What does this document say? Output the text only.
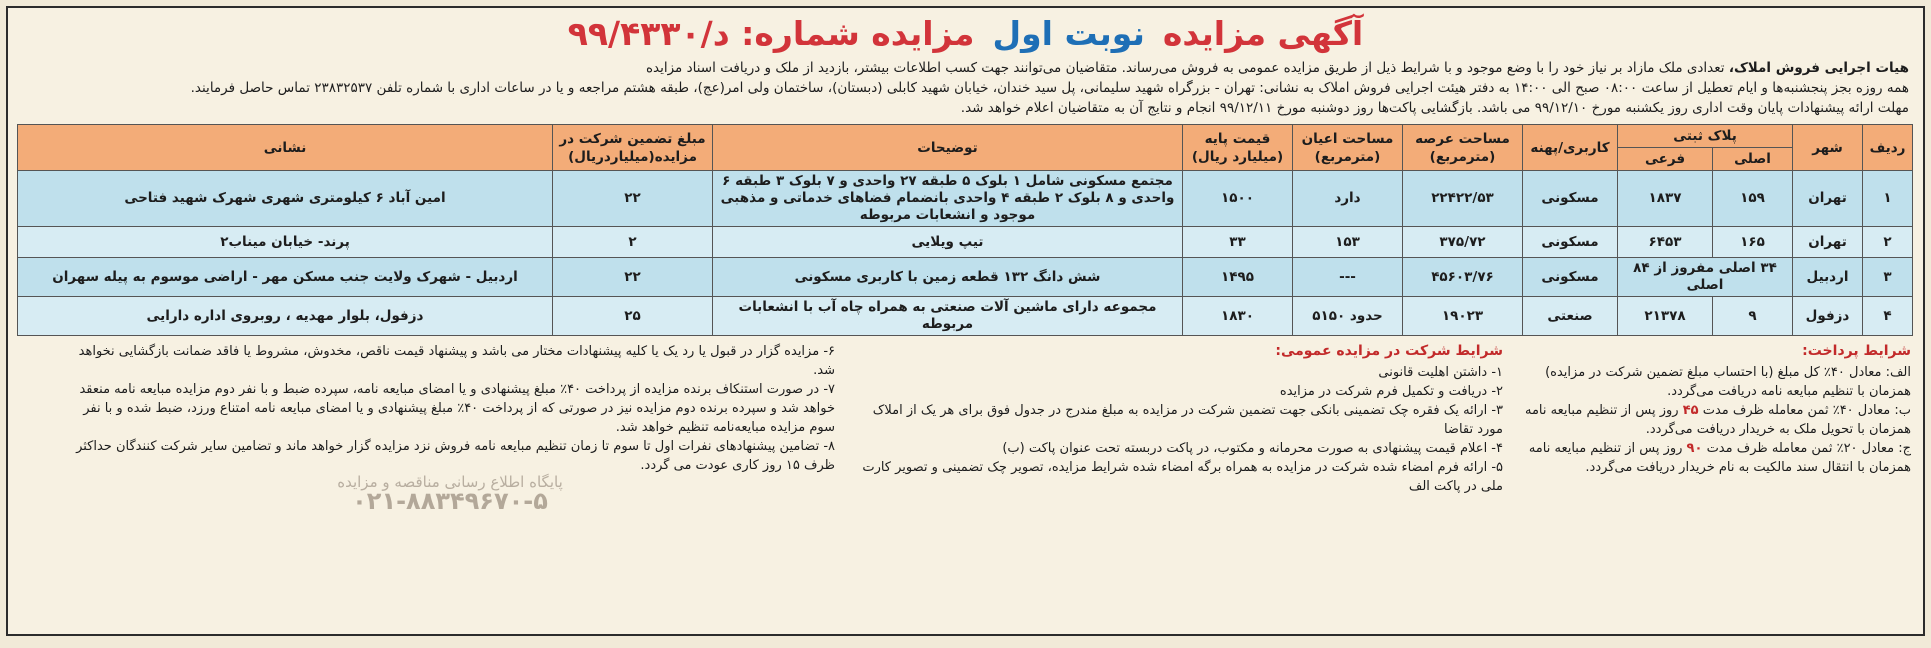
آگهی مزایده
نوبت اول
مزایده شماره: د/۹۹/۴۳۳۰
هیات اجرایی فروش املاک، تعدادی ملک مازاد بر نیاز خود را با وضع موجود و با شرایط ذیل از طریق مزایده عمومی به فروش می‌رساند. متقاضیان می‌توانند جهت کسب اطلاعات بیشتر، بازدید از ملک و دریافت اسناد مزایده
همه روزه بجز پنجشنبه‌ها و ایام تعطیل از ساعت ۰۸:۰۰ صبح الی ۱۴:۰۰ به دفتر هیئت اجرایی فروش املاک به نشانی: تهران - بزرگراه شهید سلیمانی، پل سید خندان، خیابان شهید کابلی (دبستان)، ساختمان ولی امر(عج)، طبقه هشتم مراجعه و یا در ساعات اداری با شماره تلفن ۲۳۸۳۲۵۳۷ تماس حاصل فرمایند.
مهلت ارائه پیشنهادات پایان وقت اداری روز یکشنبه مورخ ۹۹/۱۲/۱۰ می باشد. بازگشایی پاکت‌ها روز دوشنبه مورخ ۹۹/۱۲/۱۱ انجام و نتایج آن به متقاضیان اعلام خواهد شد.
ردیف	شهر	پلاک ثبتی		کاربری/پهنه	مساحت عرصه (مترمربع)	مساحت اعیان (مترمربع)	قیمت پایه (میلیارد ریال)	توضیحات	مبلغ تضمین شرکت در مزایده(میلیاردریال)	نشانی
		اصلی	فرعی							
۱	تهران	۱۵۹	۱۸۳۷	مسکونی	۲۲۴۲۲/۵۳	دارد	۱۵۰۰	مجتمع مسکونی شامل ۱ بلوک ۵ طبقه ۲۷ واحدی و ۷ بلوک ۳ طبقه ۶ واحدی و ۸ بلوک ۲ طبقه ۴ واحدی بانضمام فضاهای خدماتی و مذهبی موجود و انشعابات مربوطه	۲۲	امین آباد ۶ کیلومتری شهری شهرک شهید فتاحی
۲	تهران	۱۶۵	۶۴۵۳	مسکونی	۳۷۵/۷۲	۱۵۳	۳۳	تیپ ویلایی	۲	پرند- خیابان میناب۲
۳	اردبیل	۳۴ اصلی مفروز از ۸۴ اصلی		مسکونی	۴۵۶۰۳/۷۶	---	۱۴۹۵	شش دانگ ۱۳۲ قطعه زمین با کاربری مسکونی	۲۲	اردبیل - شهرک ولایت جنب مسکن مهر - اراضی موسوم به پیله سهران
۴	دزفول	۹	۲۱۳۷۸	صنعتی	۱۹۰۲۳	حدود ۵۱۵۰	۱۸۳۰	مجموعه دارای ماشین آلات صنعتی به همراه چاه آب با انشعابات مربوطه	۲۵	دزفول، بلوار مهدیه ، روبروی اداره دارایی
شرایط پرداخت:

الف: معادل ۴۰٪ کل مبلغ (با احتساب مبلغ تضمین شرکت در مزایده) همزمان با تنظیم مبایعه نامه دریافت می‌گردد.

ب: معادل ۴۰٪ ثمن معامله ظرف مدت ۴۵ روز پس از تنظیم مبایعه نامه همزمان با تحویل ملک به خریدار دریافت می‌گردد.

ج: معادل ۲۰٪ ثمن معامله ظرف مدت ۹۰ روز پس از تنظیم مبایعه نامه همزمان با انتقال سند مالکیت به نام خریدار دریافت می‌گردد.

شرایط شرکت در مزایده عمومی:

۱- داشتن اهلیت قانونی

۲- دریافت و تکمیل فرم شرکت در مزایده

۳- ارائه یک فقره چک تضمینی بانکی جهت تضمین شرکت در مزایده به مبلغ مندرج در جدول فوق برای هر یک از املاک مورد تقاضا

۴- اعلام قیمت پیشنهادی به صورت محرمانه و مکتوب، در پاکت دربسته تحت عنوان پاکت (ب)

۵- ارائه فرم امضاء شده شرکت در مزایده به همراه برگه امضاء شده شرایط مزایده، تصویر چک تضمینی و تصویر کارت ملی در پاکت الف

۶- مزایده گزار در قبول یا رد یک یا کلیه پیشنهادات مختار می باشد و پیشنهاد قیمت ناقص، مخدوش، مشروط یا فاقد ضمانت بازگشایی نخواهد شد.

۷- در صورت استنکاف برنده مزایده از پرداخت ۴۰٪ مبلغ پیشنهادی و یا امضای مبایعه نامه، سپرده ضبط و با نفر دوم مزایده مبایعه نامه منعقد خواهد شد و سپرده برنده دوم مزایده نیز در صورتی که از پرداخت ۴۰٪ مبلغ پیشنهادی و یا امضای مبایعه نامه امتناع ورزد، ضبط شده و با نفر سوم مزایده مبایعه‌نامه تنظیم خواهد شد.

۸- تضامین پیشنهادهای نفرات اول تا سوم تا زمان تنظیم مبایعه نامه فروش نزد مزایده گزار خواهد ماند و تضامین سایر شرکت کنندگان حداکثر ظرف ۱۵ روز کاری عودت می گردد.

پایگاه اطلاع رسانی مناقصه و مزایده
۰۲۱-۸۸۳۴۹۶۷۰-۵
